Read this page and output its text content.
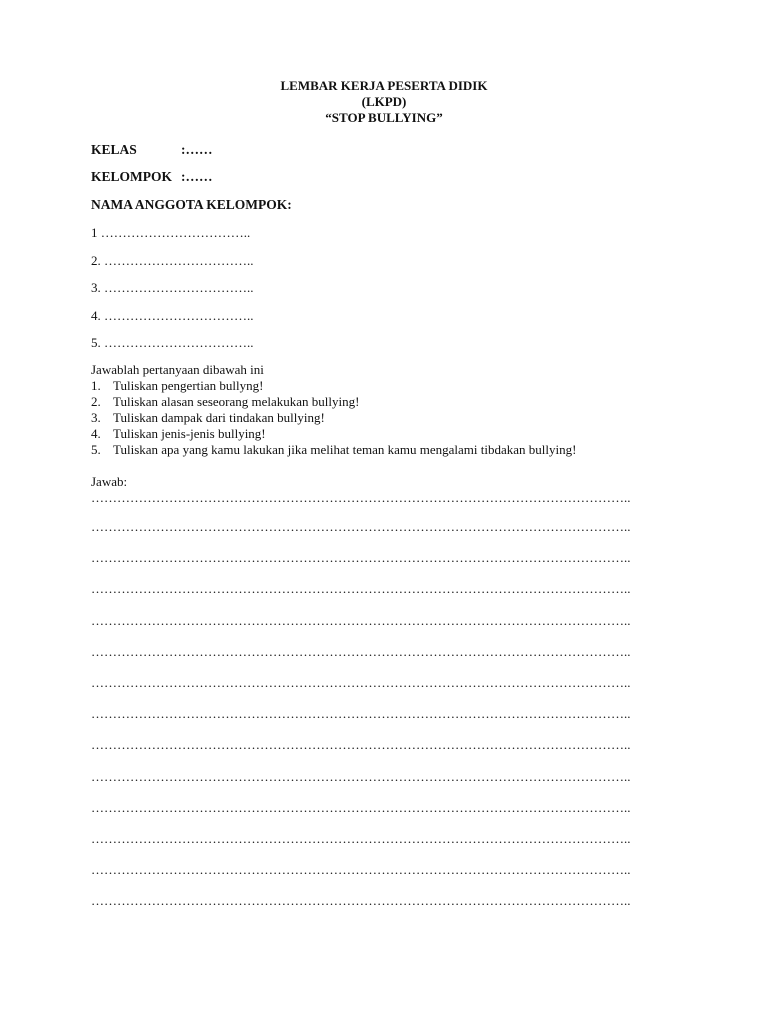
LEMBAR KERJA PESERTA DIDIK
(LKPD)
“STOP BULLYING”
KELAS	:……
KELOMPOK :……
NAMA ANGGOTA KELOMPOK:
1 ……………………………..
2. ……………………………..
3. ……………………………..
4. ……………………………..
5. ……………………………..
Jawablah pertanyaan dibawah ini
1. Tuliskan pengertian bullyng!
2. Tuliskan alasan seseorang melakukan bullying!
3. Tuliskan dampak dari tindakan bullying!
4. Tuliskan jenis-jenis bullying!
5. Tuliskan apa yang kamu lakukan jika melihat teman kamu mengalami tibdakan bullying!
Jawab:
……………………………………………………………………………………………………………..
……………………………………………………………………………………………………………..
……………………………………………………………………………………………………………..
……………………………………………………………………………………………………………..
……………………………………………………………………………………………………………..
……………………………………………………………………………………………………………..
……………………………………………………………………………………………………………..
……………………………………………………………………………………………………………..
……………………………………………………………………………………………………………..
……………………………………………………………………………………………………………..
……………………………………………………………………………………………………………..
……………………………………………………………………………………………………………..
……………………………………………………………………………………………………………..
……………………………………………………………………………………………………………..
